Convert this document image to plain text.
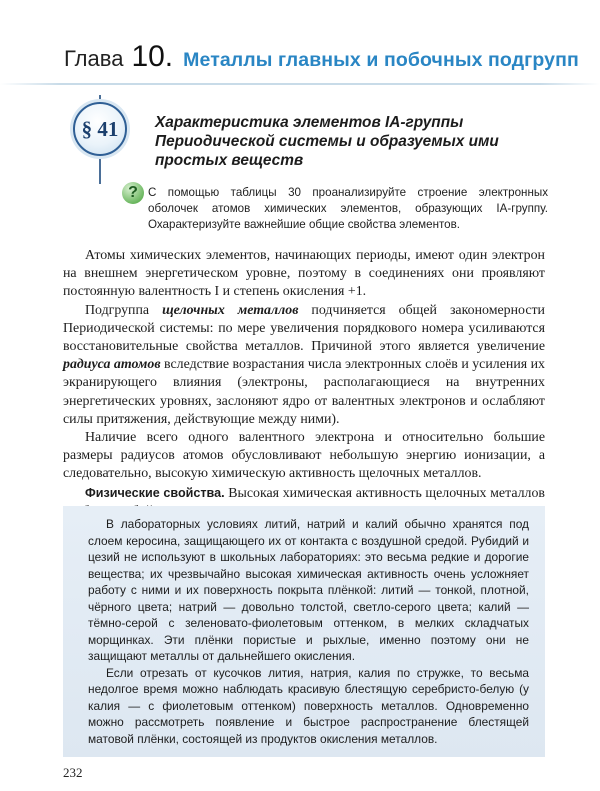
Глава 10. Металлы главных и побочных подгрупп
§ 41	Характеристика элементов IA-группы Периодической системы и образуемых ими простых веществ
? С помощью таблицы 30 проанализируйте строение электронных оболочек атомов химических элементов, образующих IA-группу. Охарактеризуйте важнейшие общие свойства элементов.

Атомы химических элементов, начинающих периоды, имеют один электрон на внешнем энергетическом уровне, поэтому в соединениях они проявляют постоянную валентность I и степень окисления +1.

Подгруппа щелочных металлов подчиняется общей закономерности Периодической системы: по мере увеличения порядкового номера усиливаются восстановительные свойства металлов. Причиной этого является увеличение радиуса атомов вследствие возрастания числа электронных слоёв и усиления их экранирующего влияния (электроны, располагающиеся на внутренних энергетических уровнях, заслоняют ядро от валентных электронов и ослабляют силы притяжения, действующие между ними).

Наличие всего одного валентного электрона и относительно большие размеры радиусов атомов обусловливают небольшую энергию ионизации, а следовательно, высокую химическую активность щелочных металлов.

Физические свойства. Высокая химическая активность щелочных металлов

В лабораторных условиях литий, натрий и калий обычно хранятся под слоем керосина, защищающего их от контакта с воздушной средой. Рубидий и цезий не используют в школьных лабораториях: это весьма редкие и дорогие вещества; их чрезвычайно высокая химическая активность очень усложняет работу с ними и их поверхность покрыта плёнкой: литий — тонкой, плотной, чёрного цвета; натрий — довольно толстой, светло-серого цвета; калий — тёмно-серой с зеленовато-фиолетовым оттенком, в мелких складчатых морщинках. Эти плёнки пористые и рыхлые, именно поэтому они не защищают металлы от дальнейшего окисления.

Если отрезать от кусочков лития, натрия, калия по стружке, то весьма недолгое время можно наблюдать красивую блестящую серебристо-белую (у калия — с фиолетовым оттенком) поверхность металлов. Одновременно можно рассмотреть появление и быстрое распространение блестящей матовой плёнки, состоящей из продуктов окисления металлов.

232
